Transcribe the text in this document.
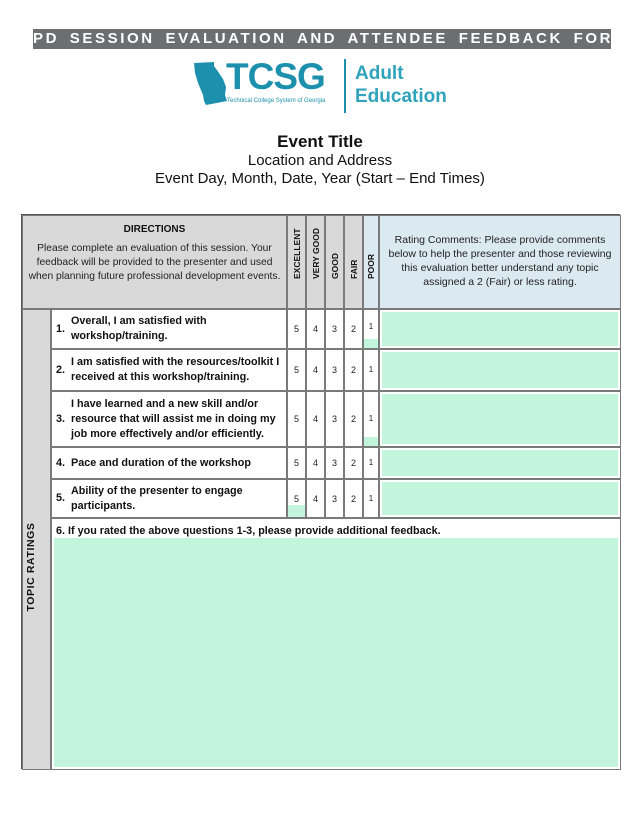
PD SESSION EVALUATION AND ATTENDEE FEEDBACK FORM
TCSG
Technical College System of Georgia
Adult
Education
Event Title
Location and Address
Event Day, Month, Date, Year (Start – End Times)
DIRECTIONS
Please complete an evaluation of this session. Your feedback will be provided to the presenter and used when planning future professional development events.	EXCELLENT VERY GOOD GOOD FAIR POOR
Rating Comments: Please provide comments below to help the presenter and those reviewing this evaluation better understand any topic assigned a 2 (Fair) or less rating.
TOPIC RATINGS
1.
Overall, I am satisfied with workshop/training.
2.
I am satisfied with the resources/toolkit I received at this workshop/training.
3.
I have learned and a new skill and/or resource that will assist me in doing my job more effectively and/or efficiently.
4. Pace and duration of the workshop
5.
Ability of the presenter to engage participants.
5 4 3 2 1
5 4 3 2 1
5 4 3 2 1
5 4 3 2 1
5 4 3 2 1
6. If you rated the above questions 1-3, please provide additional feedback.
